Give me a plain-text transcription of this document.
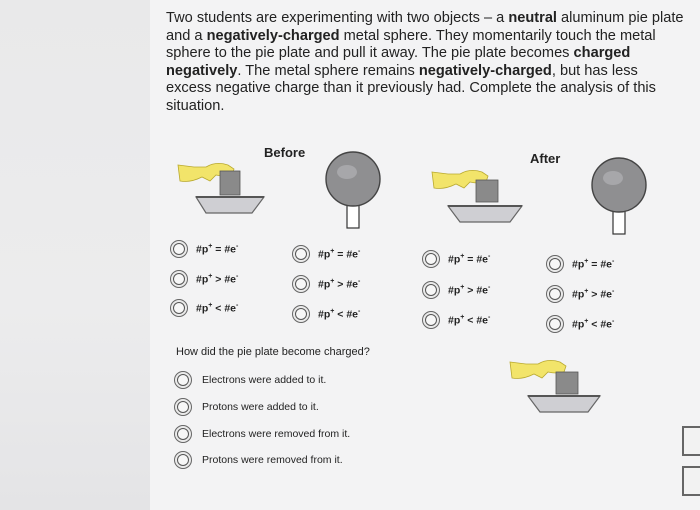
Two students are experimenting with two objects – a neutral aluminum pie plate and a negatively-charged metal sphere. They momentarily touch the metal sphere to the pie plate and pull it away. The pie plate becomes charged negatively. The metal sphere remains negatively-charged, but has less excess negative charge than it previously had. Complete the analysis of this situation.
Before	After
#p+ = #e-
#p+ > #e-
#p+ < #e-
#p+ = #e-
#p+ > #e-
#p+ < #e-
#p+ = #e-
#p+ > #e-
#p+ < #e-
#p+ = #e-
#p+ > #e-
#p+ < #e-
How did the pie plate become charged?
Electrons were added to it.
Protons were added to it.
Electrons were removed from it.
Protons were removed from it.
